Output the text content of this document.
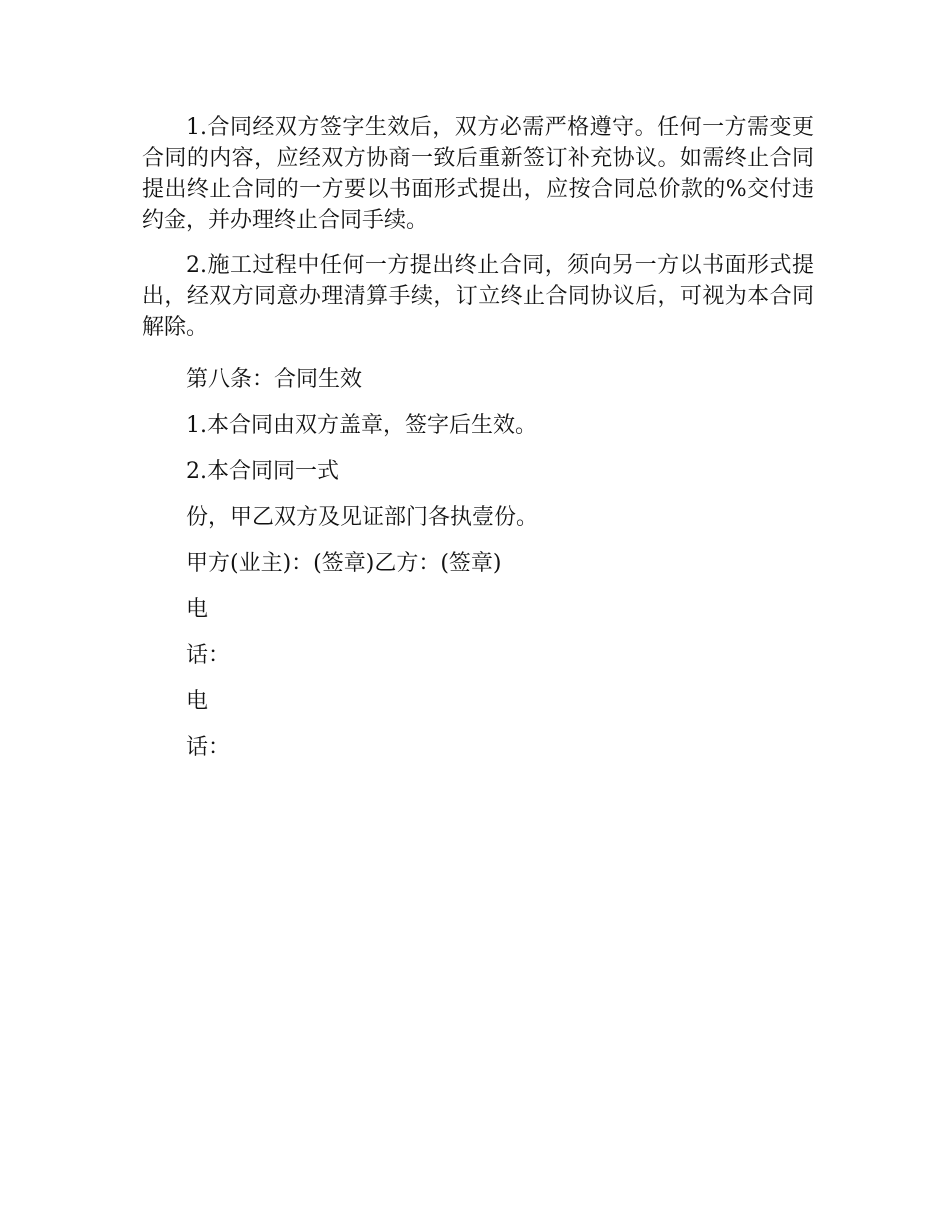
1.合同经双方签字生效后，双方必需严格遵守。任何一方需变更合同的内容，应经双方协商一致后重新签订补充协议。如需终止合同提出终止合同的一方要以书面形式提出，应按合同总价款的%交付违约金，并办理终止合同手续。

2.施工过程中任何一方提出终止合同，须向另一方以书面形式提出，经双方同意办理清算手续，订立终止合同协议后，可视为本合同解除。

第八条：合同生效

1.本合同由双方盖章，签字后生效。

2.本合同同一式

份，甲乙双方及见证部门各执壹份。

甲方(业主)：(签章)乙方：(签章)

电

话：

电

话：
